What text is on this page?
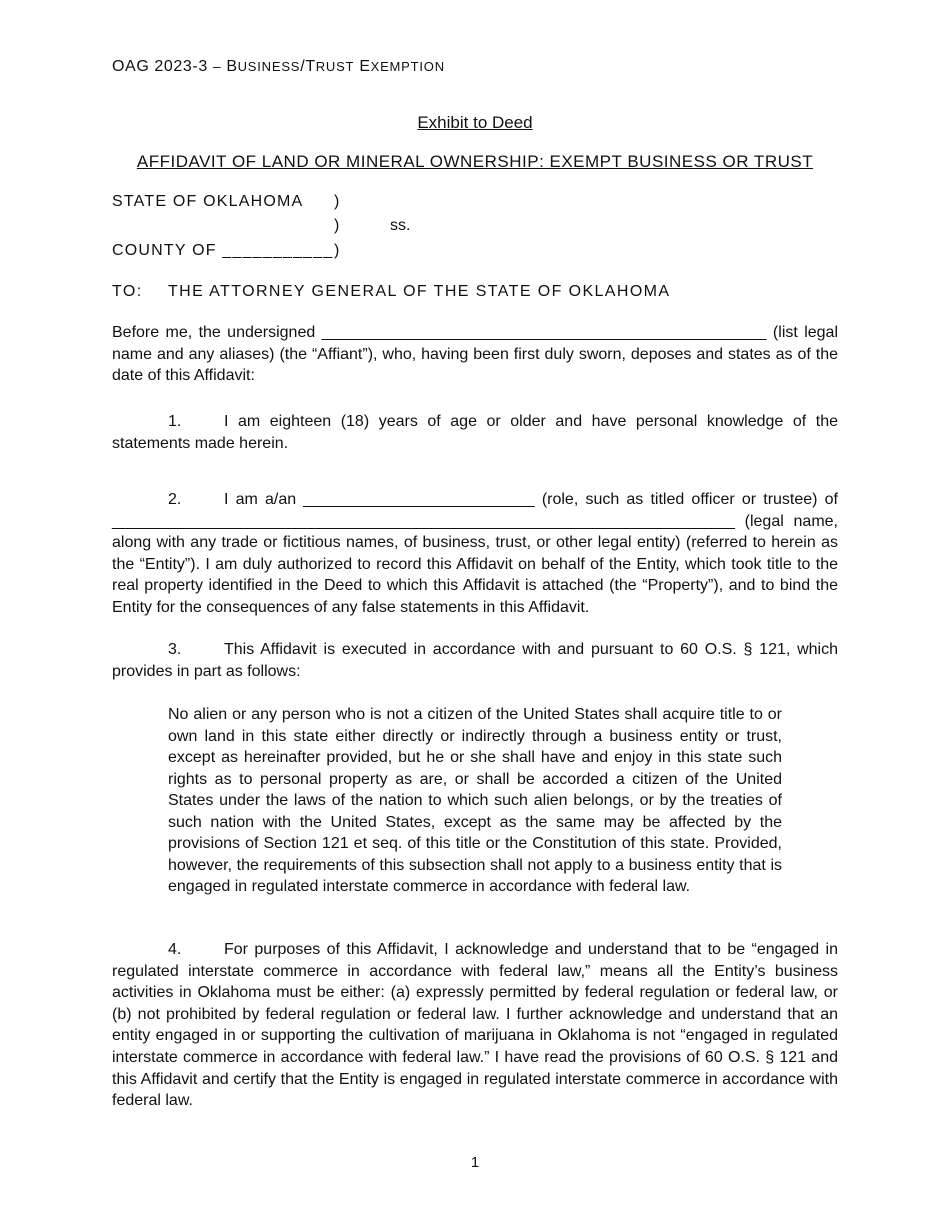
OAG 2023-3 – BUSINESS/TRUST EXEMPTION
Exhibit to Deed
AFFIDAVIT OF LAND OR MINERAL OWNERSHIP: EXEMPT BUSINESS OR TRUST
STATE OF OKLAHOMA )
)	ss.
COUNTY OF ___________ )
TO: THE ATTORNEY GENERAL OF THE STATE OF OKLAHOMA

Before me, the undersigned __________________________________________________ (list legal name and any aliases) (the “Affiant”), who, having been first duly sworn, deposes and states as of the date of this Affidavit:

1.	I am eighteen (18) years of age or older and have personal knowledge of the statements made herein.

2.	I am a/an __________________________ (role, such as titled officer or trustee) of ______________________________________________________________________ (legal name, along with any trade or fictitious names, of business, trust, or other legal entity) (referred to herein as the “Entity”). I am duly authorized to record this Affidavit on behalf of the Entity, which took title to the real property identified in the Deed to which this Affidavit is attached (the “Property”), and to bind the Entity for the consequences of any false statements in this Affidavit.

3.	This Affidavit is executed in accordance with and pursuant to 60 O.S. § 121, which provides in part as follows:

No alien or any person who is not a citizen of the United States shall acquire title to or own land in this state either directly or indirectly through a business entity or trust, except as hereinafter provided, but he or she shall have and enjoy in this state such rights as to personal property as are, or shall be accorded a citizen of the United States under the laws of the nation to which such alien belongs, or by the treaties of such nation with the United States, except as the same may be affected by the provisions of Section 121 et seq. of this title or the Constitution of this state. Provided, however, the requirements of this subsection shall not apply to a business entity that is engaged in regulated interstate commerce in accordance with federal law.

4.	For purposes of this Affidavit, I acknowledge and understand that to be “engaged in regulated interstate commerce in accordance with federal law,” means all the Entity’s business activities in Oklahoma must be either: (a) expressly permitted by federal regulation or federal law, or (b) not prohibited by federal regulation or federal law. I further acknowledge and understand that an entity engaged in or supporting the cultivation of marijuana in Oklahoma is not “engaged in regulated interstate commerce in accordance with federal law.” I have read the provisions of 60 O.S. § 121 and this Affidavit and certify that the Entity is engaged in regulated interstate commerce in accordance with federal law.

1
